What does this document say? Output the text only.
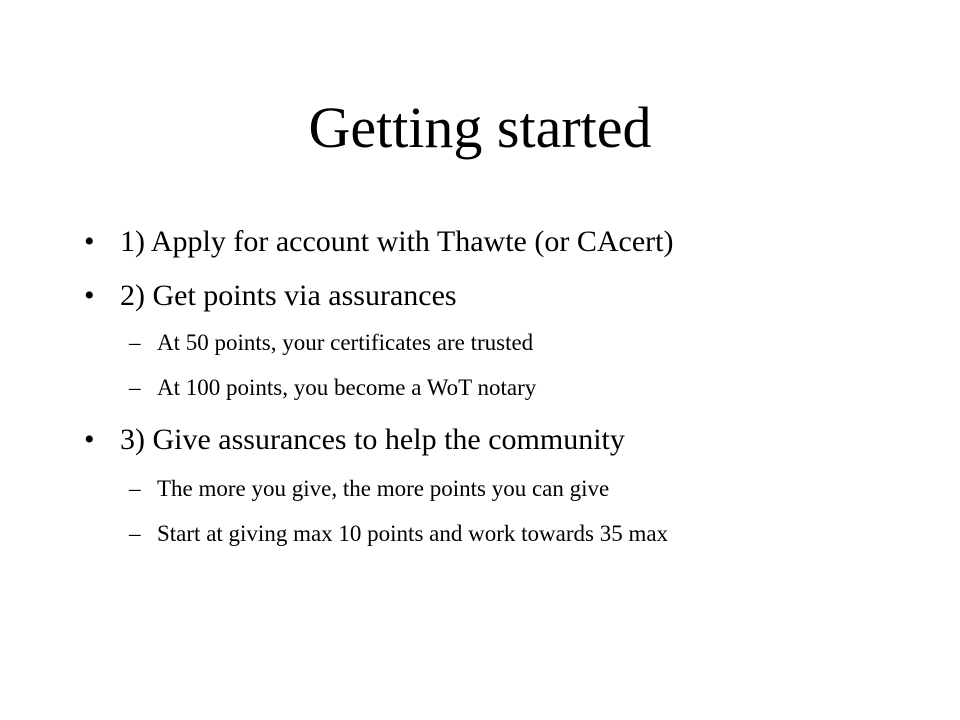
Getting started
• 1) Apply for account with Thawte (or CAcert)
• 2) Get points via assurances
– At 50 points, your certificates are trusted
– At 100 points, you become a WoT notary
• 3) Give assurances to help the community
– The more you give, the more points you can give
– Start at giving max 10 points and work towards 35 max
